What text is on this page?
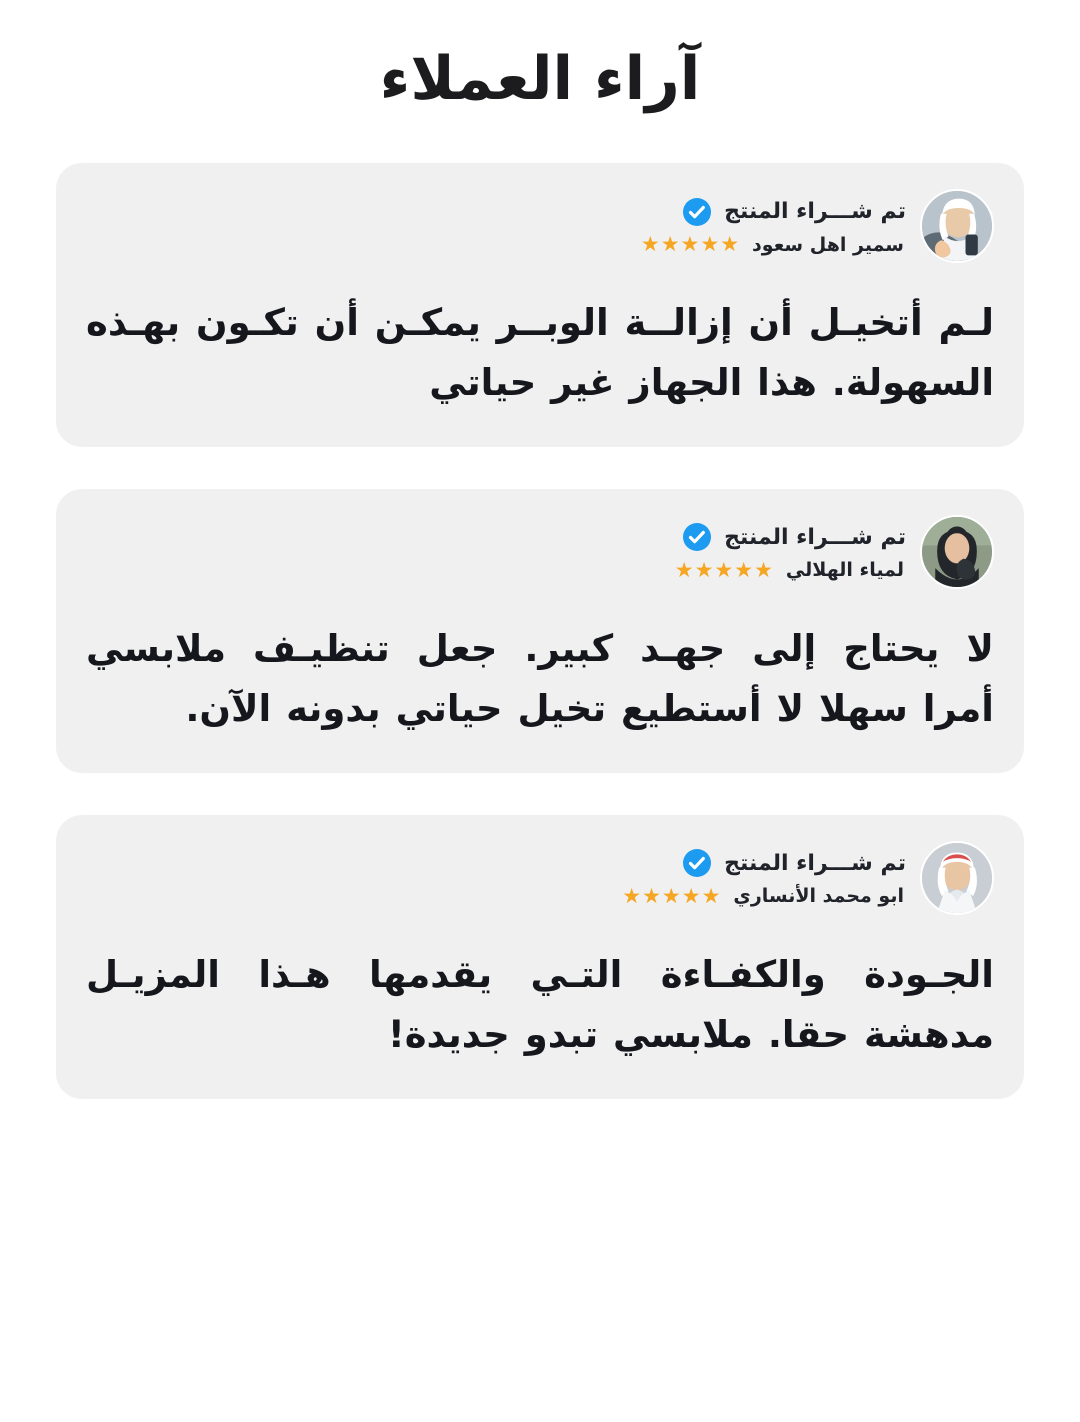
آراء العملاء
تم شـــراء المنتج
سمير اهل سعود
★★★★★
لـم أتخيـل أن إزالــة الوبــر يمكـن أن تكـون بهـذه السهولة. هذا الجهاز غير حياتي
تم شـــراء المنتج
لمياء الهلالي
★★★★★
لا يحتاج إلى جهـد كبير. جعل تنظيـف ملابسي أمرا سهلا لا أستطيع تخيل حياتي بدونه الآن.
تم شـــراء المنتج
ابو محمد الأنساري
★★★★★
الجـودة والكفـاءة التـي يقدمها هـذا المزيـل مدهشة حقا. ملابسي تبدو جديدة!
